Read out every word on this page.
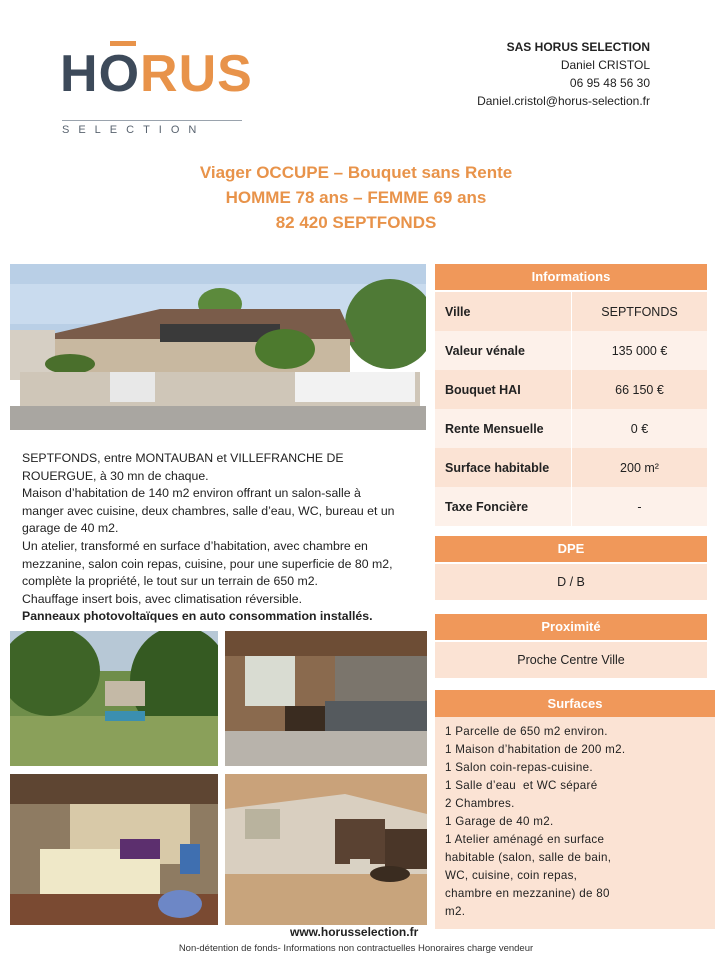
HORUS
SELECTION
SAS HORUS SELECTION
Daniel CRISTOL
06 95 48 56 30
Daniel.cristol@horus-selection.fr
Viager OCCUPE – Bouquet sans Rente
HOMME 78 ans – FEMME 69 ans
82 420 SEPTFONDS
SEPTFONDS, entre MONTAUBAN et VILLEFRANCHE DE ROUERGUE, à 30 mn de chaque.
Maison d’habitation de 140 m2 environ offrant un salon-salle à manger avec cuisine, deux chambres, salle d’eau, WC, bureau et un garage de 40 m2.
Un atelier, transformé en surface d’habitation, avec chambre en mezzanine, salon coin repas, cuisine, pour une superficie de 80 m2, complète la propriété, le tout sur un terrain de 650 m2.
Chauffage insert bois, avec climatisation réversible.
Panneaux photovoltaïques en auto consommation installés.
Informations
Ville	SEPTFONDS
Valeur vénale	135 000 €
Bouquet HAI	66 150 €
Rente Mensuelle	0 €
Surface habitable	200 m²
Taxe Foncière	-
DPE
D / B
Proximité
Proche Centre Ville
Surfaces
1 Parcelle de 650 m2 environ.
1 Maison d’habitation de 200 m2.
1 Salon coin-repas-cuisine.
1 Salle d’eau  et WC séparé
2 Chambres.
1 Garage de 40 m2.
1 Atelier aménagé en surface
habitable (salon, salle de bain,
WC, cuisine, coin repas,
chambre en mezzanine) de 80
m2.
www.horusselection.fr
Non-détention de fonds- Informations non contractuelles Honoraires charge vendeur
